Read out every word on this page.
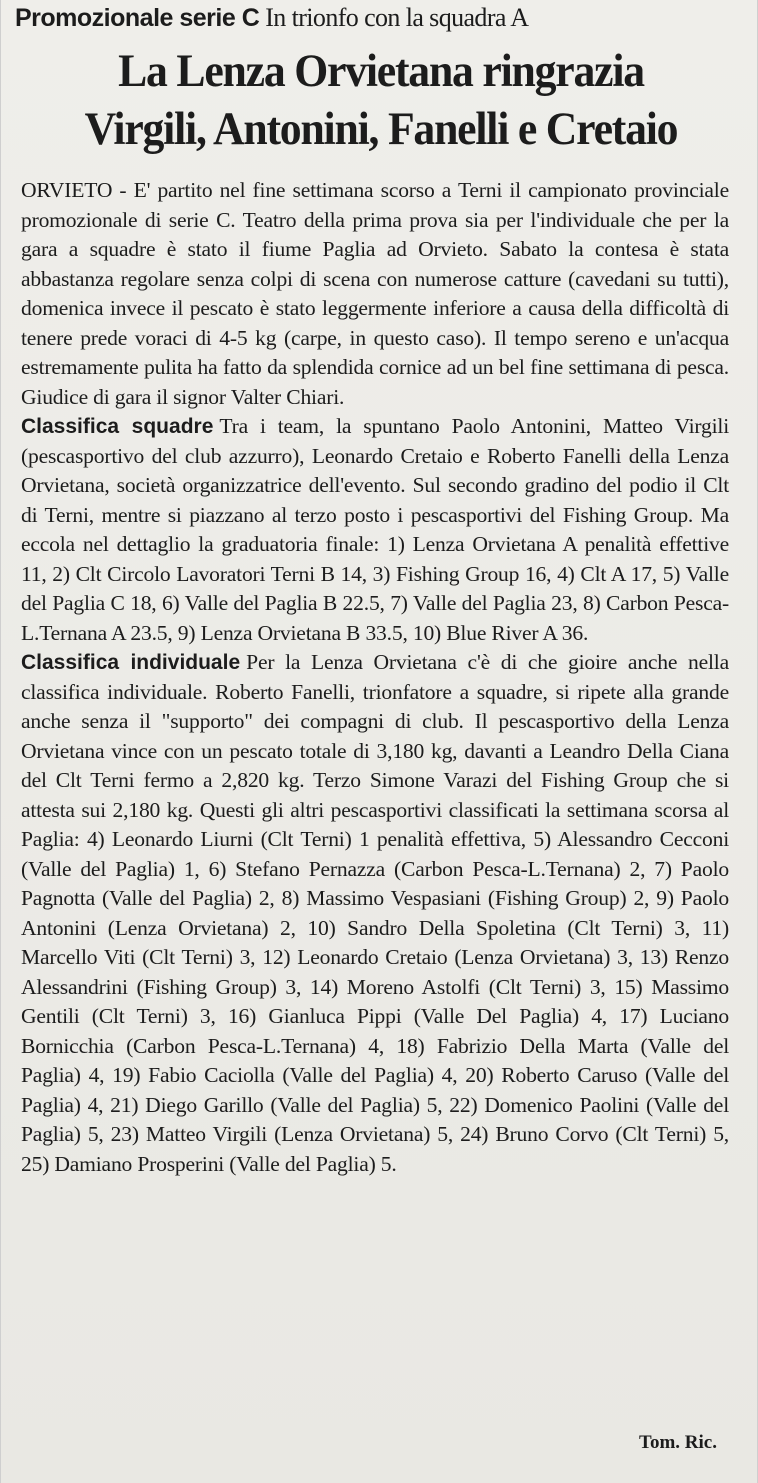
Promozionale serie C In trionfo con la squadra A
La Lenza Orvietana ringrazia
Virgili, Antonini, Fanelli e Cretaio

ORVIETO - E' partito nel fine settimana scorso a Terni il campionato provinciale promozionale di serie C. Teatro della prima prova sia per l'individuale che per la gara a squadre è stato il fiume Paglia ad Orvieto. Sabato la contesa è stata abbastanza regolare senza colpi di scena con numerose catture (cavedani su tutti), domenica invece il pescato è stato leggermente inferiore a causa della difficoltà di tenere prede voraci di 4-5 kg (carpe, in questo caso). Il tempo sereno e un'acqua estremamente pulita ha fatto da splendida cornice ad un bel fine settimana di pesca. Giudice di gara il signor Valter Chiari.

Classifica squadre Tra i team, la spuntano Paolo Antonini, Matteo Virgili (pescasportivo del club azzurro), Leonardo Cretaio e Roberto Fanelli della Lenza Orvietana, società organizzatrice dell'evento. Sul secondo gradino del podio il Clt di Terni, mentre si piazzano al terzo posto i pescasportivi del Fishing Group. Ma eccola nel dettaglio la graduatoria finale: 1) Lenza Orvietana A penalità effettive 11, 2) Clt Circolo Lavoratori Terni B 14, 3) Fishing Group 16, 4) Clt A 17, 5) Valle del Paglia C 18, 6) Valle del Paglia B 22.5, 7) Valle del Paglia 23, 8) Carbon Pesca-L.Ternana A 23.5, 9) Lenza Orvietana B 33.5, 10) Blue River A 36.

Classifica individuale Per la Lenza Orvietana c'è di che gioire anche nella classifica individuale. Roberto Fanelli, trionfatore a squadre, si ripete alla grande anche senza il "supporto" dei compagni di club. Il pescasportivo della Lenza Orvietana vince con un pescato totale di 3,180 kg, davanti a Leandro Della Ciana del Clt Terni fermo a 2,820 kg. Terzo Simone Varazi del Fishing Group che si attesta sui 2,180 kg. Questi gli altri pescasportivi classificati la settimana scorsa al Paglia: 4) Leonardo Liurni (Clt Terni) 1 penalità effettiva, 5) Alessandro Cecconi (Valle del Paglia) 1, 6) Stefano Pernazza (Carbon Pesca-L.Ternana) 2, 7) Paolo Pagnotta (Valle del Paglia) 2, 8) Massimo Vespasiani (Fishing Group) 2, 9) Paolo Antonini (Lenza Orvietana) 2, 10) Sandro Della Spoletina (Clt Terni) 3, 11) Marcello Viti (Clt Terni) 3, 12) Leonardo Cretaio (Lenza Orvietana) 3, 13) Renzo Alessandrini (Fishing Group) 3, 14) Moreno Astolfi (Clt Terni) 3, 15) Massimo Gentili (Clt Terni) 3, 16) Gianluca Pippi (Valle Del Paglia) 4, 17) Luciano Bornicchia (Carbon Pesca-L.Ternana) 4, 18) Fabrizio Della Marta (Valle del Paglia) 4, 19) Fabio Caciolla (Valle del Paglia) 4, 20) Roberto Caruso (Valle del Paglia) 4, 21) Diego Garillo (Valle del Paglia) 5, 22) Domenico Paolini (Valle del Paglia) 5, 23) Matteo Virgili (Lenza Orvietana) 5, 24) Bruno Corvo (Clt Terni) 5, 25) Damiano Prosperini (Valle del Paglia) 5.

Tom. Ric.
